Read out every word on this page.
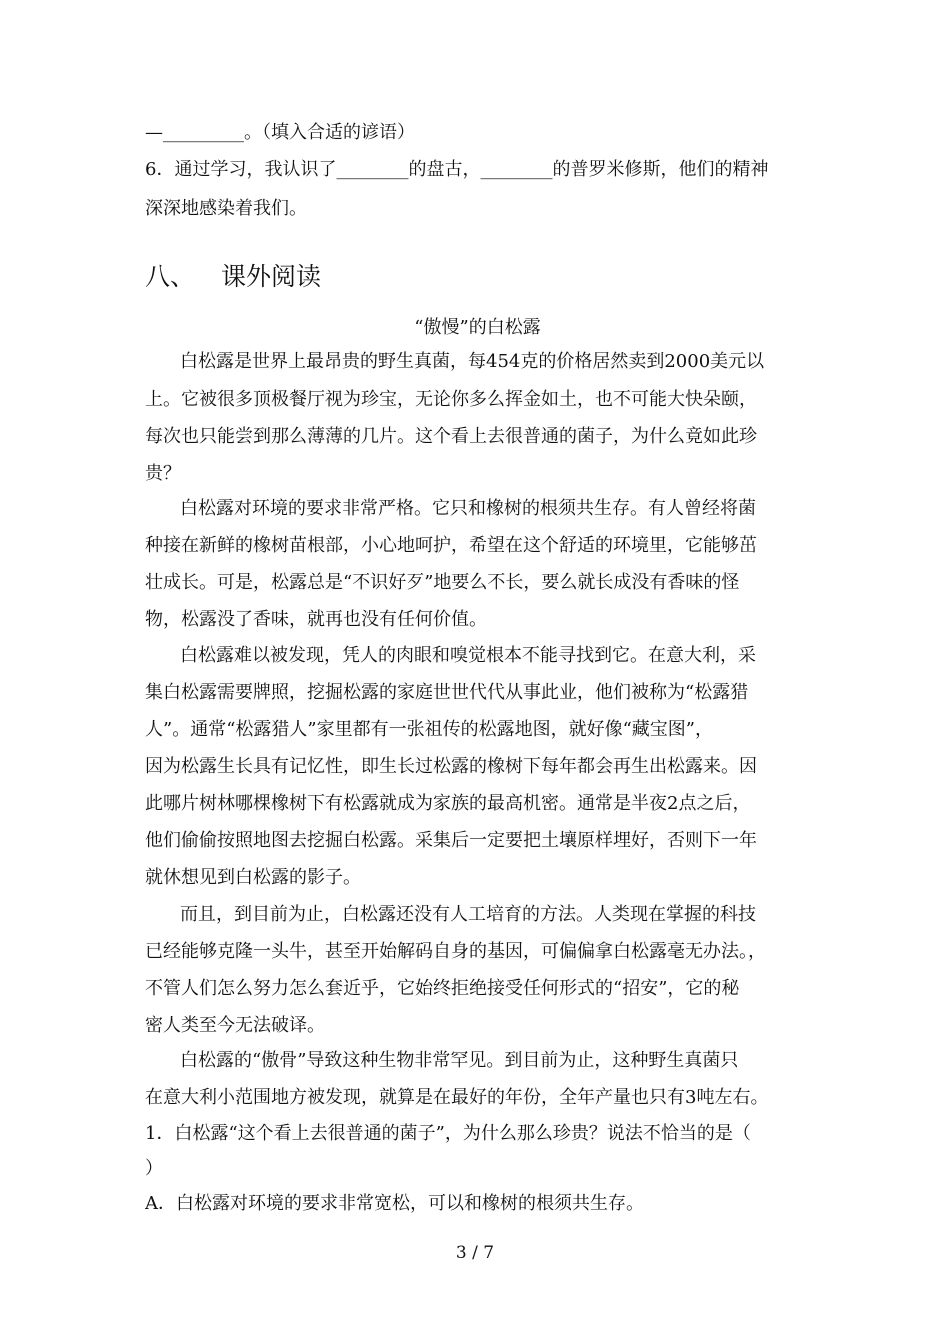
—_________。（填入合适的谚语）
6．通过学习，我认识了________的盘古，________的普罗米修斯，他们的精神
深深地感染着我们。
八、 课外阅读
“傲慢”的白松露
白松露是世界上最昂贵的野生真菌，每454克的价格居然卖到2000美元以
上。它被很多顶极餐厅视为珍宝，无论你多么挥金如土，也不可能大快朵颐，
每次也只能尝到那么薄薄的几片。这个看上去很普通的菌子，为什么竟如此珍
贵？
白松露对环境的要求非常严格。它只和橡树的根须共生存。有人曾经将菌
种接在新鲜的橡树苗根部，小心地呵护，希望在这个舒适的环境里，它能够茁
壮成长。可是，松露总是“不识好歹”地要么不长，要么就长成没有香味的怪
物，松露没了香味，就再也没有任何价值。
白松露难以被发现，凭人的肉眼和嗅觉根本不能寻找到它。在意大利，采
集白松露需要牌照，挖掘松露的家庭世世代代从事此业，他们被称为“松露猎
人”。通常“松露猎人”家里都有一张祖传的松露地图，就好像“藏宝图”，
因为松露生长具有记忆性，即生长过松露的橡树下每年都会再生出松露来。因
此哪片树林哪棵橡树下有松露就成为家族的最高机密。通常是半夜2点之后，
他们偷偷按照地图去挖掘白松露。采集后一定要把土壤原样埋好，否则下一年
就休想见到白松露的影子。
而且，到目前为止，白松露还没有人工培育的方法。人类现在掌握的科技
已经能够克隆一头牛，甚至开始解码自身的基因，可偏偏拿白松露毫无办法。，
不管人们怎么努力怎么套近乎，它始终拒绝接受任何形式的“招安”，它的秘
密人类至今无法破译。
白松露的“傲骨”导致这种生物非常罕见。到目前为止，这种野生真菌只
在意大利小范围地方被发现，就算是在最好的年份，全年产量也只有3吨左右。
1．白松露“这个看上去很普通的菌子”，为什么那么珍贵？说法不恰当的是（
）
A．白松露对环境的要求非常宽松，可以和橡树的根须共生存。
3 / 7
